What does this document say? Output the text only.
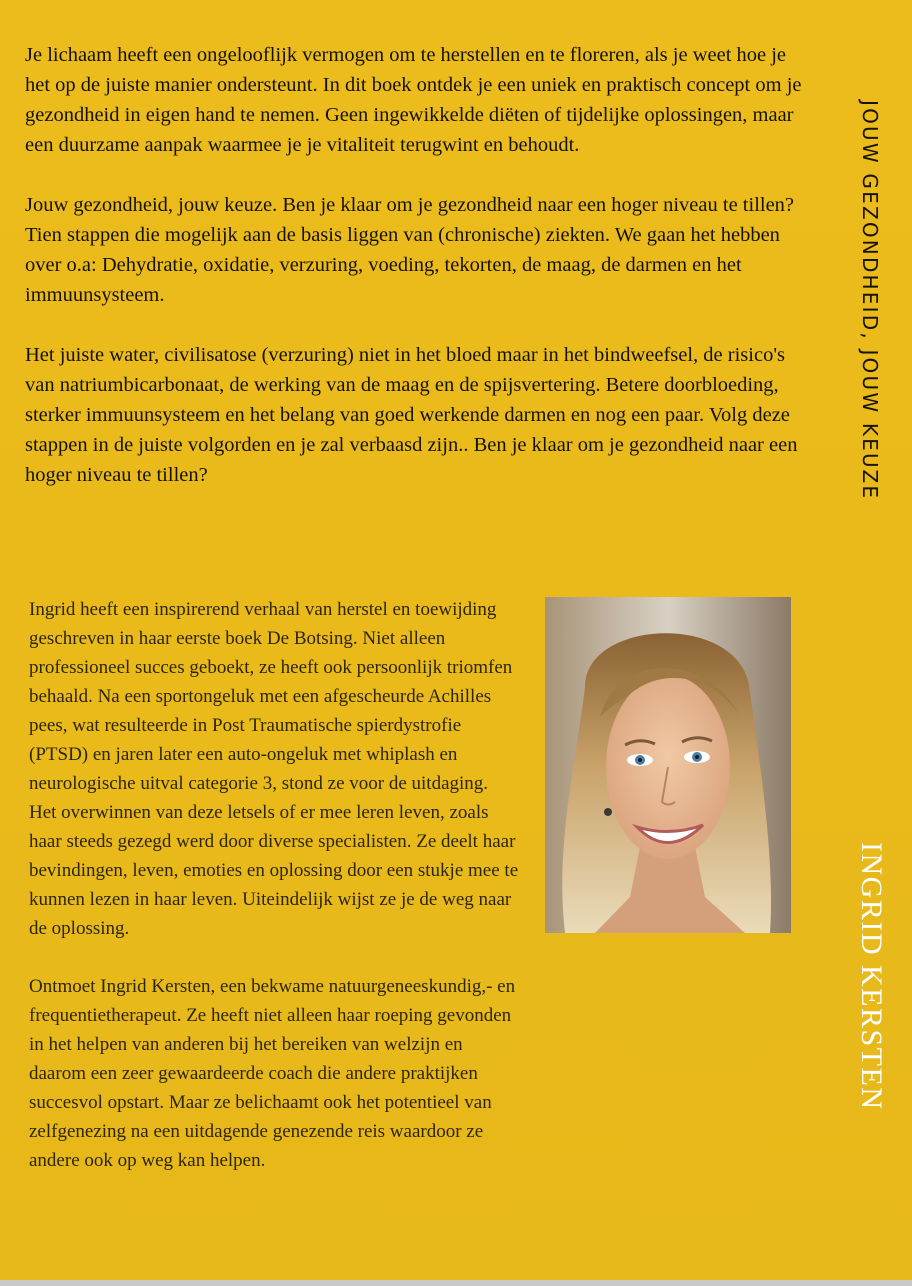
Je lichaam heeft een ongelooflijk vermogen om te herstellen en te floreren, als je weet hoe je het op de juiste manier ondersteunt. In dit boek ontdek je een uniek en praktisch concept om je gezondheid in eigen hand te nemen. Geen ingewikkelde diëten of tijdelijke oplossingen, maar een duurzame aanpak waarmee je je vitaliteit terugwint en behoudt.

Jouw gezondheid, jouw keuze. Ben je klaar om je gezondheid naar een hoger niveau te tillen? Tien stappen die mogelijk aan de basis liggen van (chronische) ziekten. We gaan het hebben over o.a: Dehydratie, oxidatie, verzuring, voeding, tekorten, de maag, de darmen en het immuunsysteem.

Het juiste water, civilisatose (verzuring) niet in het bloed maar in het bindweefsel, de risico's van natriumbicarbonaat, de werking van de maag en de spijsvertering. Betere doorbloeding, sterker immuunsysteem en het belang van goed werkende darmen en nog een paar. Volg deze stappen in de juiste volgorden en je zal verbaasd zijn.. Ben je klaar om je gezondheid naar een hoger niveau te tillen?	JOUW GEZONDHEID, JOUW KEUZE
INGRID KERSTEN

Ingrid heeft een inspirerend verhaal van herstel en toewijding geschreven in haar eerste boek De Botsing. Niet alleen professioneel succes geboekt, ze heeft ook persoonlijk triomfen behaald. Na een sportongeluk met een afgescheurde Achilles pees, wat resulteerde in Post Traumatische spierdystrofie (PTSD) en jaren later een auto-ongeluk met whiplash en neurologische uitval categorie 3, stond ze voor de uitdaging. Het overwinnen van deze letsels of er mee leren leven, zoals haar steeds gezegd werd door diverse specialisten. Ze deelt haar bevindingen, leven, emoties en oplossing door een stukje mee te kunnen lezen in haar leven. Uiteindelijk wijst ze je de weg naar de oplossing.

Ontmoet Ingrid Kersten, een bekwame natuurgeneeskundig,- en frequentietherapeut. Ze heeft niet alleen haar roeping gevonden in het helpen van anderen bij het bereiken van welzijn en daarom een zeer gewaardeerde coach die andere praktijken succesvol opstart. Maar ze belichaamt ook het potentieel van zelfgenezing na een uitdagende genezende reis waardoor ze andere ook op weg kan helpen.
